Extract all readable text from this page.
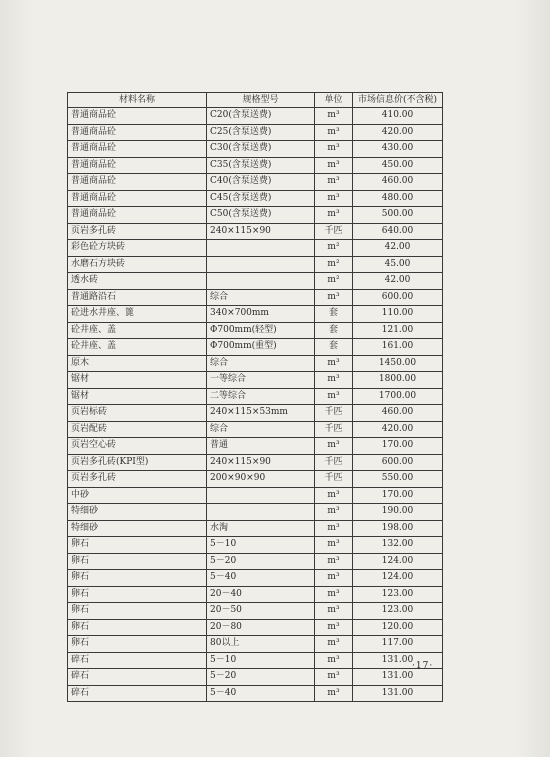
材料名称	规格型号	单位	市场信息价(不含税)
普通商品砼	C20(含泵送费)	m³	410.00
普通商品砼	C25(含泵送费)	m³	420.00
普通商品砼	C30(含泵送费)	m³	430.00
普通商品砼	C35(含泵送费)	m³	450.00
普通商品砼	C40(含泵送费)	m³	460.00
普通商品砼	C45(含泵送费)	m³	480.00
普通商品砼	C50(含泵送费)	m³	500.00
页岩多孔砖	240×115×90	千匹	640.00
彩色砼方块砖		m²	42.00
水磨石方块砖		m²	45.00
透水砖		m²	42.00
普通路沿石	综合	m³	600.00
砼进水井座、篦	340×700mm	套	110.00
砼井座、盖	Φ700mm(轻型)	套	121.00
砼井座、盖	Φ700mm(重型)	套	161.00
原木	综合	m³	1450.00
锯材	一等综合	m³	1800.00
锯材	二等综合	m³	1700.00
页岩标砖	240×115×53mm	千匹	460.00
页岩配砖	综合	千匹	420.00
页岩空心砖	普通	m³	170.00
页岩多孔砖(KPI型)	240×115×90	千匹	600.00
页岩多孔砖	200×90×90	千匹	550.00
中砂		m³	170.00
特细砂		m³	190.00
特细砂	水淘	m³	198.00
卵石	5－10	m³	132.00
卵石	5－20	m³	124.00
卵石	5－40	m³	124.00
卵石	20－40	m³	123.00
卵石	20－50	m³	123.00
卵石	20－80	m³	120.00
卵石	80以上	m³	117.00
碎石	5－10	m³	131.00
碎石	5－20	m³	131.00
碎石	5－40	m³	131.00
·17·
